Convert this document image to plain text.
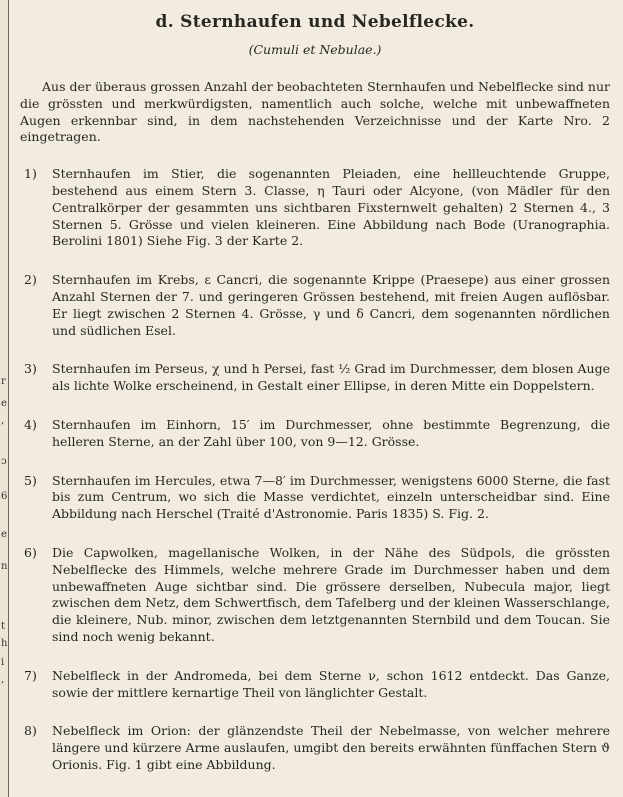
r
e
,
ɔ
6
e
n
t
h
i
,
d. Sternhaufen und Nebelflecke.
(Cumuli et Nebulae.)

Aus der überaus grossen Anzahl der beobachteten Sternhaufen und Nebelflecke sind nur die grössten und merkwürdigsten, namentlich auch solche, welche mit unbewaffneten Augen erkennbar sind, in dem nachstehenden Verzeichnisse und der Karte Nro. 2 eingetragen.

1)	Sternhaufen im Stier, die sogenannten Pleiaden, eine hellleuchtende Gruppe, bestehend aus einem Stern 3. Classe, η Tauri oder Alcyone, (von Mädler für den Centralkörper der gesammten uns sichtbaren Fixsternwelt gehalten) 2 Sternen 4., 3 Sternen 5. Grösse und vielen kleineren. Eine Abbildung nach Bode (Uranographia. Berolini 1801) Siehe Fig. 3 der Karte 2.
2)	Sternhaufen im Krebs, ε Cancri, die sogenannte Krippe (Praesepe) aus einer grossen Anzahl Sternen der 7. und geringeren Grössen bestehend, mit freien Augen auflösbar. Er liegt zwischen 2 Sternen 4. Grösse, γ und δ Cancri, dem sogenannten nördlichen und südlichen Esel.
3)	Sternhaufen im Perseus, χ und h Persei, fast ½ Grad im Durchmesser, dem blosen Auge als lichte Wolke erscheinend, in Gestalt einer Ellipse, in deren Mitte ein Doppelstern.
4)	Sternhaufen im Einhorn, 15′ im Durchmesser, ohne bestimmte Begrenzung, die helleren Sterne, an der Zahl über 100, von 9—12. Grösse.
5)	Sternhaufen im Hercules, etwa 7—8′ im Durchmesser, wenigstens 6000 Sterne, die fast bis zum Centrum, wo sich die Masse verdichtet, einzeln unterscheidbar sind. Eine Abbildung nach Herschel (Traité d'Astronomie. Paris 1835) S. Fig. 2.
6)	Die Capwolken, magellanische Wolken, in der Nähe des Südpols, die grössten Nebelflecke des Himmels, welche mehrere Grade im Durchmesser haben und dem unbewaffneten Auge sichtbar sind. Die grössere derselben, Nubecula major, liegt zwischen dem Netz, dem Schwertfisch, dem Tafelberg und der kleinen Wasserschlange, die kleinere, Nub. minor, zwischen dem letztgenannten Sternbild und dem Toucan. Sie sind noch wenig bekannt.
7)	Nebelfleck in der Andromeda, bei dem Sterne ν, schon 1612 entdeckt. Das Ganze, sowie der mittlere kernartige Theil von länglichter Gestalt.
8)	Nebelfleck im Orion: der glänzendste Theil der Nebelmasse, von welcher mehrere längere und kürzere Arme auslaufen, umgibt den bereits erwähnten fünffachen Stern ϑ Orionis. Fig. 1 gibt eine Abbildung.
